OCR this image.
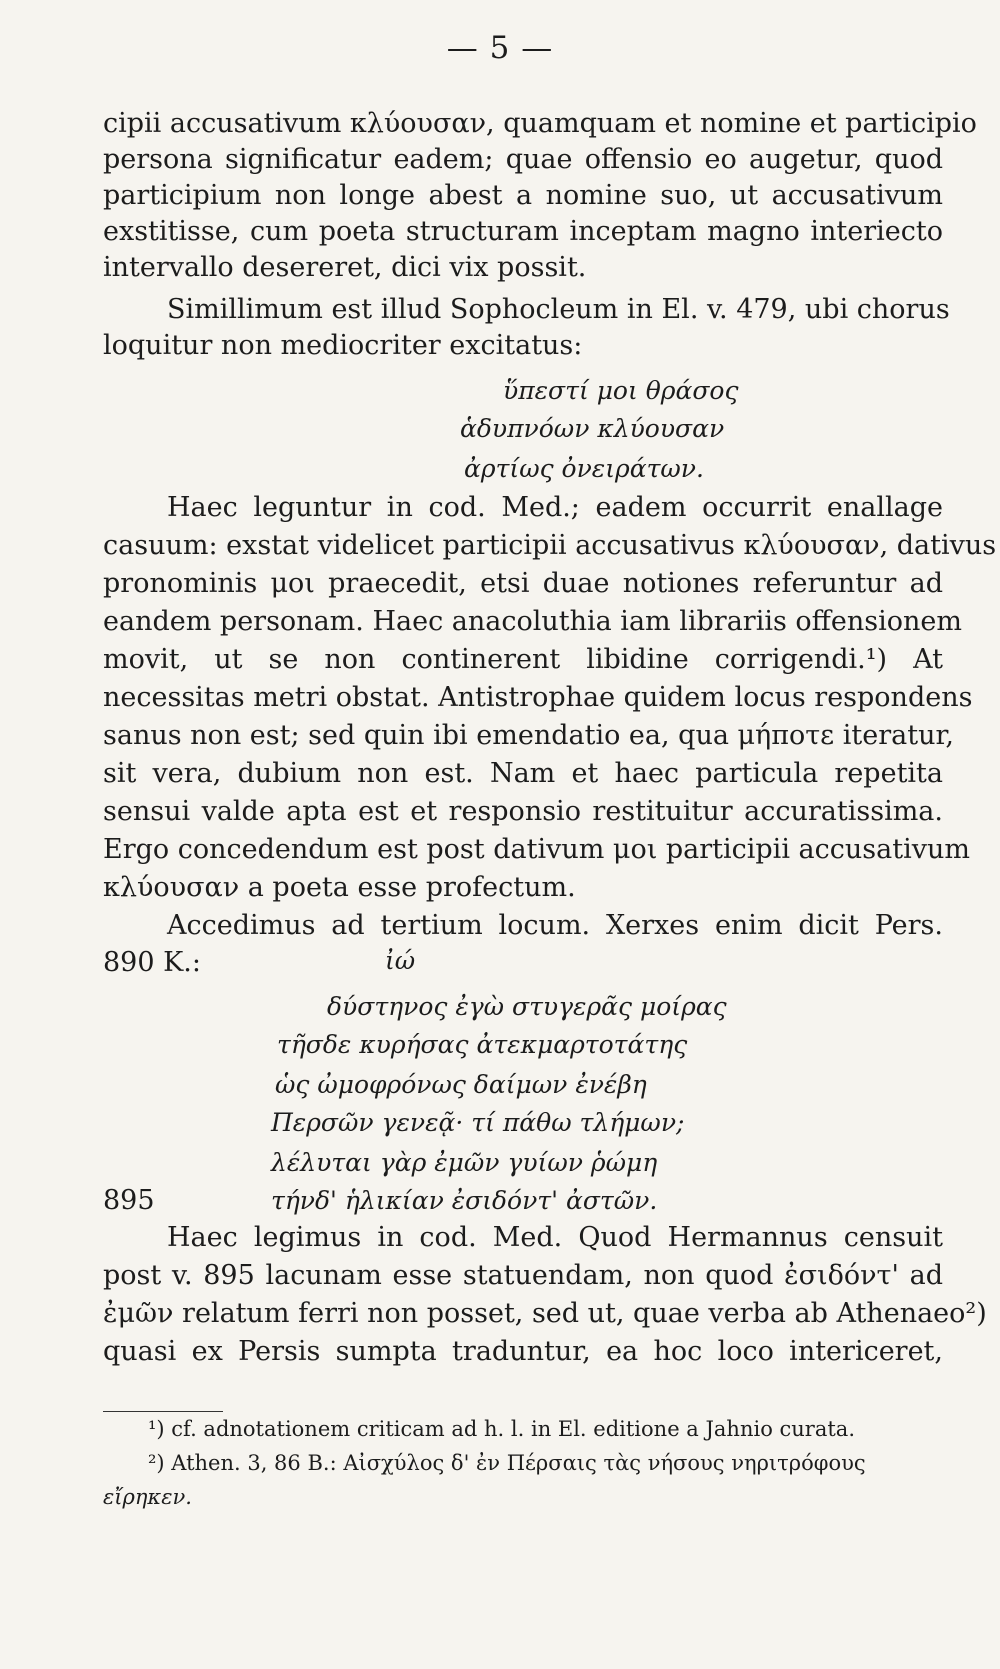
— 5 —
cipii accusativum κλύουσαν, quamquam et nomine et participio
persona significatur eadem; quae offensio eo augetur, quod
participium non longe abest a nomine suo, ut accusativum
exstitisse, cum poeta structuram inceptam magno interiecto
intervallo desereret, dici vix possit.
Simillimum est illud Sophocleum in El. v. 479, ubi chorus
loquitur non mediocriter excitatus:
ὕπεστί μοι θράσος
ἁδυπνόων κλύουσαν
ἀρτίως ὀνειράτων.
Haec leguntur in cod. Med.; eadem occurrit enallage
casuum: exstat videlicet participii accusativus κλύουσαν, dativus
pronominis μοι praecedit, etsi duae notiones referuntur ad
eandem personam. Haec anacoluthia iam librariis offensionem
movit, ut se non continerent libidine corrigendi.¹) At
necessitas metri obstat. Antistrophae quidem locus respondens
sanus non est; sed quin ibi emendatio ea, qua μήποτε iteratur,
sit vera, dubium non est. Nam et haec particula repetita
sensui valde apta est et responsio restituitur accuratissima.
Ergo concedendum est post dativum μοι participii accusativum
κλύουσαν a poeta esse profectum.
Accedimus ad tertium locum. Xerxes enim dicit Pers.
890 K.:	ἰώ
δύστηνος ἐγὼ στυγερᾶς μοίρας
τῆσδε κυρήσας ἀτεκμαρτοτάτης
ὡς ὠμοφρόνως δαίμων ἐνέβη
Περσῶν γενεᾷ· τί πάθω τλήμων;
λέλυται γὰρ ἐμῶν γυίων ῥώμη
895	τήνδ' ἡλικίαν ἐσιδόντ' ἀστῶν.
Haec legimus in cod. Med. Quod Hermannus censuit
post v. 895 lacunam esse statuendam, non quod ἐσιδόντ' ad
ἐμῶν relatum ferri non posset, sed ut, quae verba ab Athenaeo²)
quasi ex Persis sumpta traduntur, ea hoc loco intericeret,
¹) cf. adnotationem criticam ad h. l. in El. editione a Jahnio curata.
²) Athen. 3, 86 B.: Αἰσχύλος δ' ἐν Πέρσαις τὰς νήσους νηριτρόφους
εἴρηκεν.
